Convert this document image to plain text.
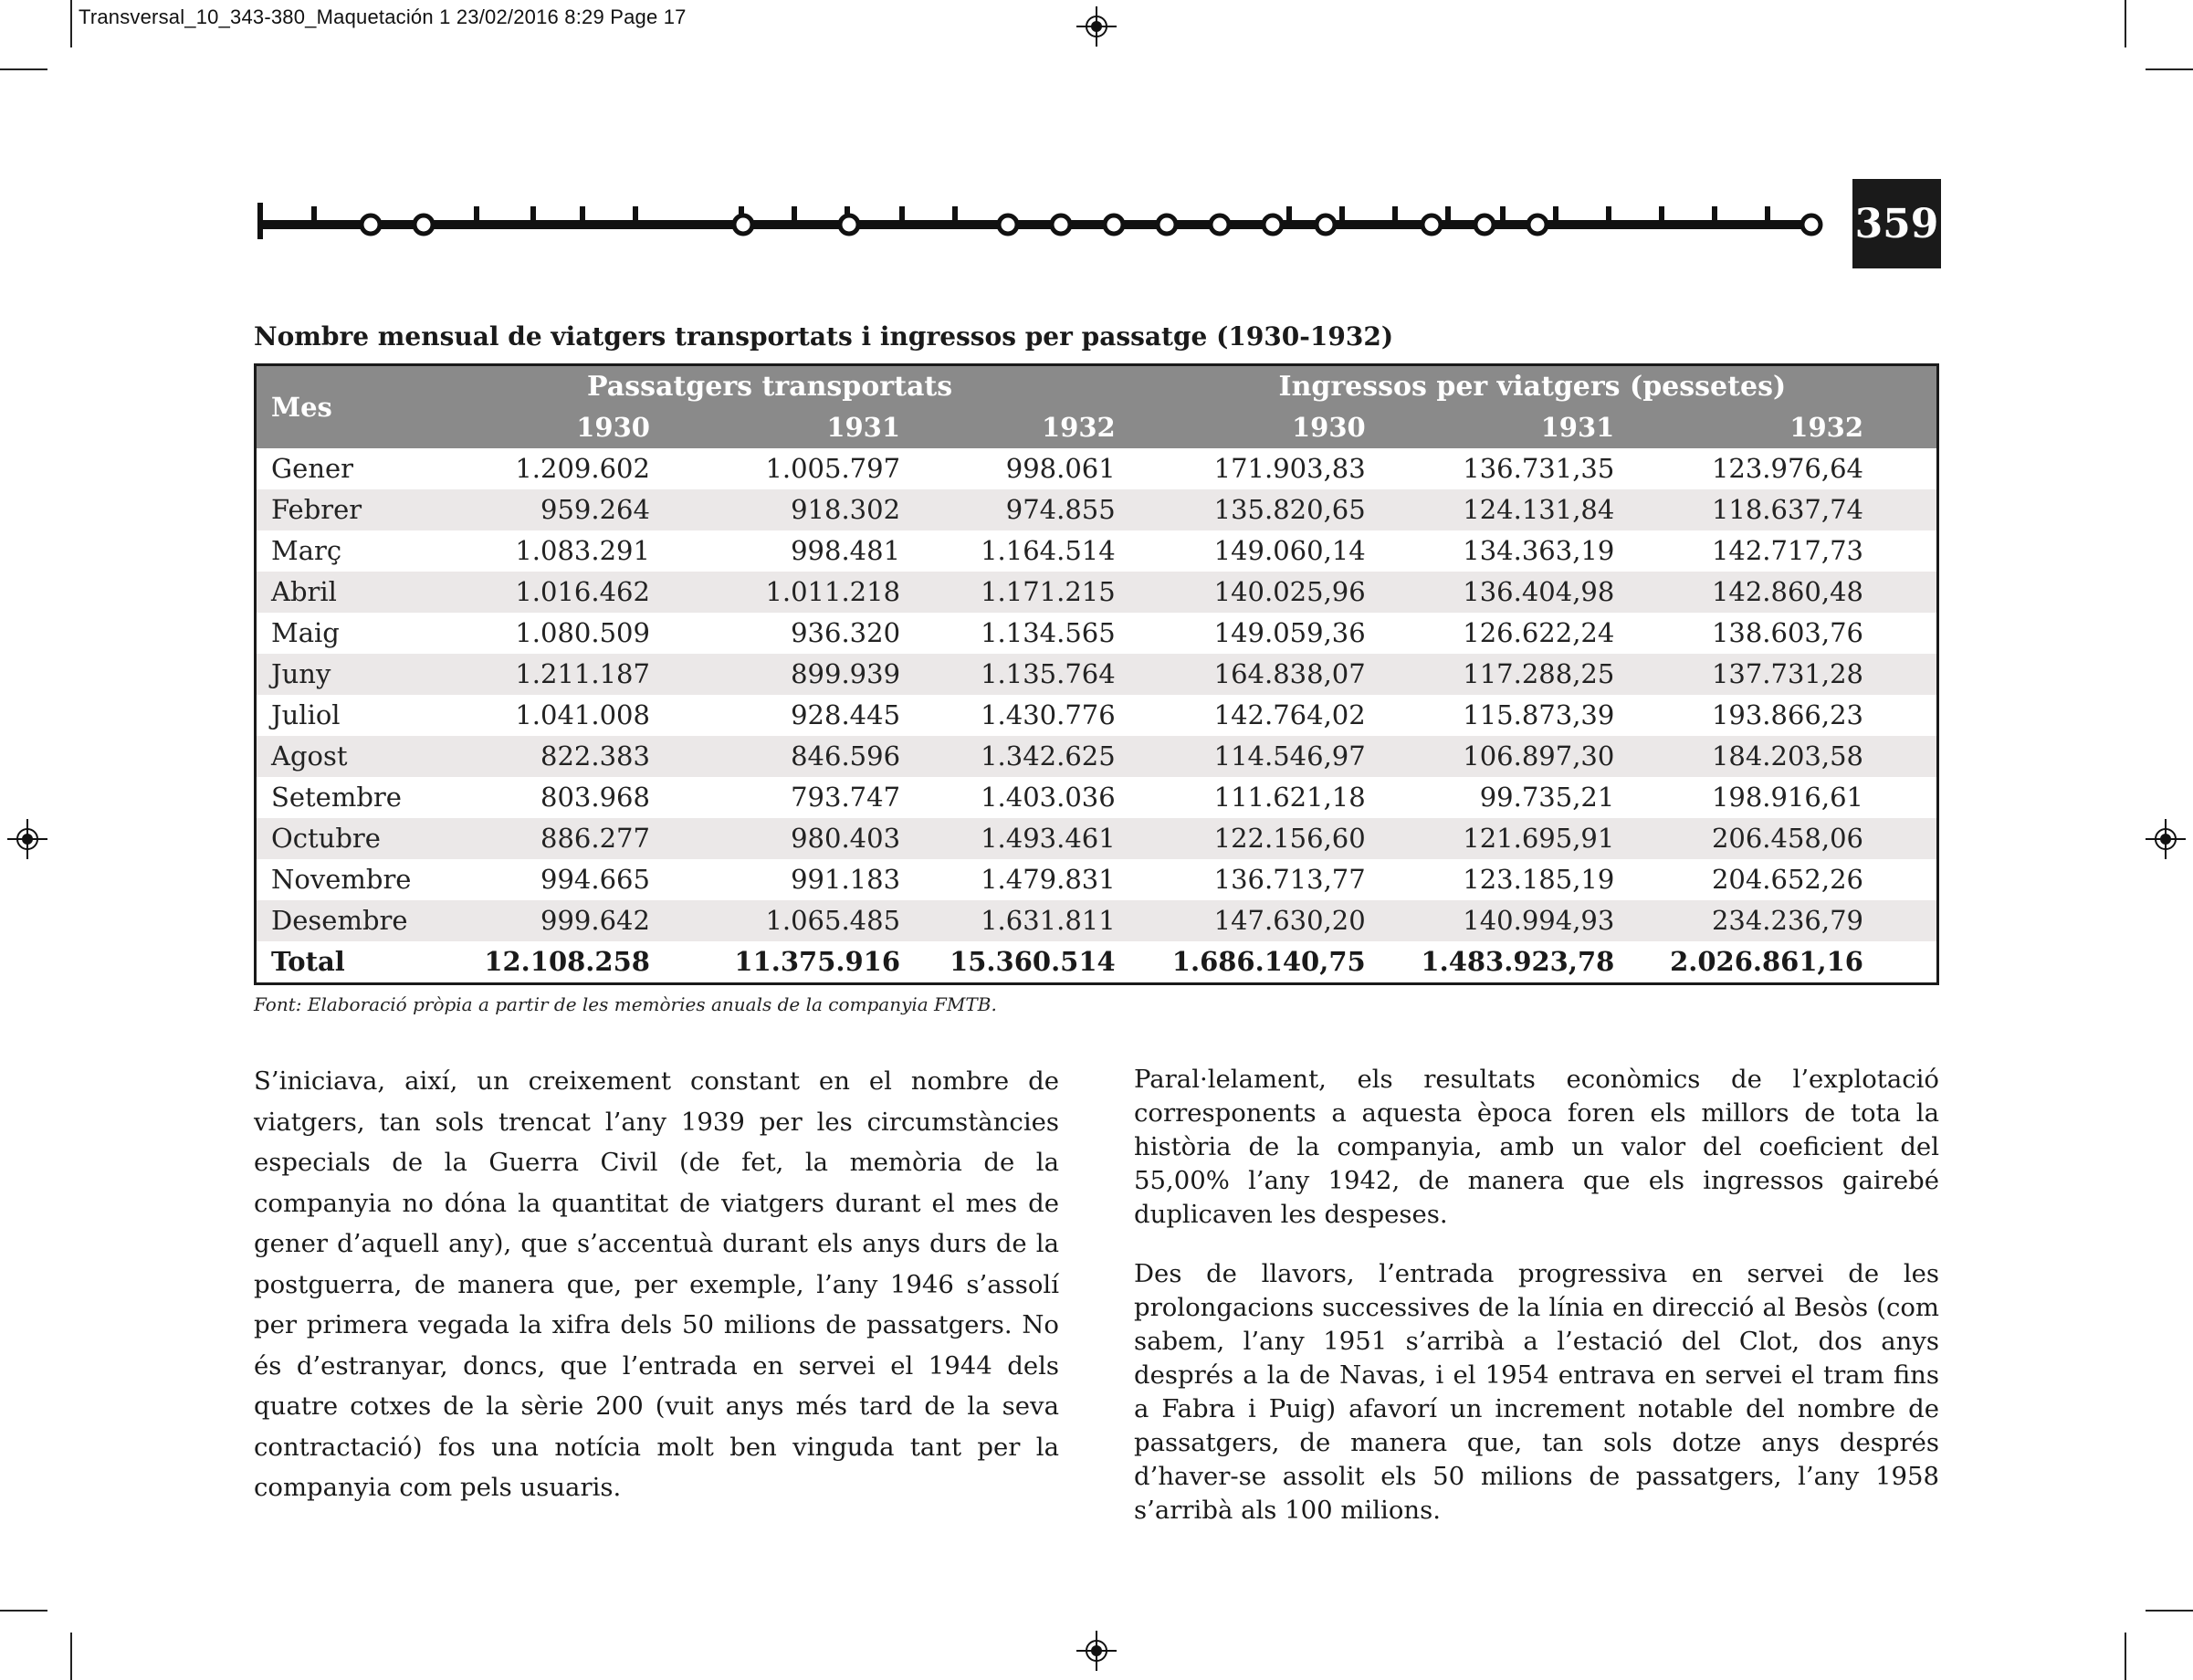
Transversal_10_343-380_Maquetación 1 23/02/2016 8:29 Page 17
359
Nombre mensual de viatgers transportats i ingressos per passatge (1930-1932)
Mes	Passatgers transportats			Ingressos per viatgers (pessetes)		
	1930	1931	1932	1930	1931	1932
Gener	1.209.602	1.005.797	998.061	171.903,83	136.731,35	123.976,64
Febrer	959.264	918.302	974.855	135.820,65	124.131,84	118.637,74
Març	1.083.291	998.481	1.164.514	149.060,14	134.363,19	142.717,73
Abril	1.016.462	1.011.218	1.171.215	140.025,96	136.404,98	142.860,48
Maig	1.080.509	936.320	1.134.565	149.059,36	126.622,24	138.603,76
Juny	1.211.187	899.939	1.135.764	164.838,07	117.288,25	137.731,28
Juliol	1.041.008	928.445	1.430.776	142.764,02	115.873,39	193.866,23
Agost	822.383	846.596	1.342.625	114.546,97	106.897,30	184.203,58
Setembre	803.968	793.747	1.403.036	111.621,18	99.735,21	198.916,61
Octubre	886.277	980.403	1.493.461	122.156,60	121.695,91	206.458,06
Novembre	994.665	991.183	1.479.831	136.713,77	123.185,19	204.652,26
Desembre	999.642	1.065.485	1.631.811	147.630,20	140.994,93	234.236,79
Total	12.108.258	11.375.916	15.360.514	1.686.140,75	1.483.923,78	2.026.861,16
Font: Elaboració pròpia a partir de les memòries anuals de la companyia FMTB.

S’iniciava, així, un creixement constant en el nombre de viatgers, tan sols trencat l’any 1939 per les circumstàncies especials de la Guerra Civil (de fet, la memòria de la companyia no dóna la quantitat de viatgers durant el mes de gener d’aquell any), que s’accentuà durant els anys durs de la postguerra, de manera que, per exemple, l’any 1946 s’assolí per primera vegada la xifra dels 50 milions de passatgers. No és d’estranyar, doncs, que l’entrada en servei el 1944 dels quatre cotxes de la sèrie 200 (vuit anys més tard de la seva contractació) fos una notícia molt ben vinguda tant per la companyia com pels usuaris.

Paral·lelament, els resultats econòmics de l’explotació corresponents a aquesta època foren els millors de tota la història de la companyia, amb un valor del coeficient del 55,00% l’any 1942, de manera que els ingressos gairebé duplicaven les despeses.

Des de llavors, l’entrada progressiva en servei de les prolongacions successives de la línia en direcció al Besòs (com sabem, l’any 1951 s’arribà a l’estació del Clot, dos anys després a la de Navas, i el 1954 entrava en servei el tram fins a Fabra i Puig) afavorí un increment notable del nombre de passatgers, de manera que, tan sols dotze anys després d’haver-se assolit els 50 milions de passatgers, l’any 1958 s’arribà als 100 milions.
